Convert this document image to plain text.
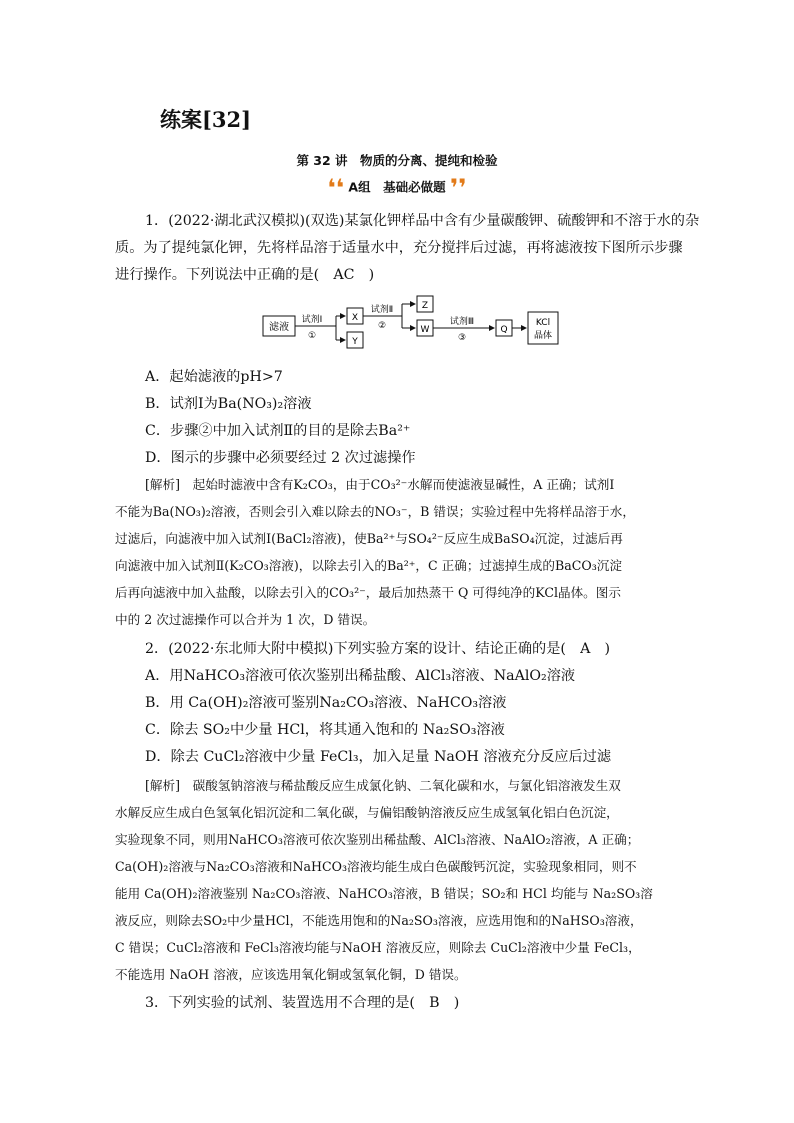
练案[32]
第 32 讲　物质的分离、提纯和检验
❛❛ A组　基础必做题 ❜❜
1．(2022·湖北武汉模拟)(双选)某氯化钾样品中含有少量碳酸钾、硫酸钾和不溶于水的杂
质。为了提纯氯化钾，先将样品溶于适量水中，充分搅拌后过滤，再将滤液按下图所示步骤
进行操作。下列说法中正确的是(　AC　)
滤液
试剂Ⅰ
①
X
Y
试剂Ⅱ
②
Z
W
试剂Ⅲ
③
Q
KCl
晶体
A．起始滤液的pH>7
B．试剂Ⅰ为Ba(NO₃)₂溶液
C．步骤②中加入试剂Ⅱ的目的是除去Ba²⁺
D．图示的步骤中必须要经过 2 次过滤操作
[解析]　起始时滤液中含有K₂CO₃，由于CO₃²⁻水解而使滤液显碱性，A 正确；试剂Ⅰ
不能为Ba(NO₃)₂溶液，否则会引入难以除去的NO₃⁻，B 错误；实验过程中先将样品溶于水，
过滤后，向滤液中加入试剂Ⅰ(BaCl₂溶液)，使Ba²⁺与SO₄²⁻反应生成BaSO₄沉淀，过滤后再
向滤液中加入试剂Ⅱ(K₂CO₃溶液)，以除去引入的Ba²⁺，C 正确；过滤掉生成的BaCO₃沉淀
后再向滤液中加入盐酸，以除去引入的CO₃²⁻，最后加热蒸干 Q 可得纯净的KCl晶体。图示
中的 2 次过滤操作可以合并为 1 次，D 错误。
2．(2022·东北师大附中模拟)下列实验方案的设计、结论正确的是(　A　)
A．用NaHCO₃溶液可依次鉴别出稀盐酸、AlCl₃溶液、NaAlO₂溶液
B．用 Ca(OH)₂溶液可鉴别Na₂CO₃溶液、NaHCO₃溶液
C．除去 SO₂中少量 HCl，将其通入饱和的 Na₂SO₃溶液
D．除去 CuCl₂溶液中少量 FeCl₃，加入足量 NaOH 溶液充分反应后过滤
[解析]　碳酸氢钠溶液与稀盐酸反应生成氯化钠、二氧化碳和水，与氯化铝溶液发生双
水解反应生成白色氢氧化铝沉淀和二氧化碳，与偏铝酸钠溶液反应生成氢氧化铝白色沉淀，
实验现象不同，则用NaHCO₃溶液可依次鉴别出稀盐酸、AlCl₃溶液、NaAlO₂溶液，A 正确；
Ca(OH)₂溶液与Na₂CO₃溶液和NaHCO₃溶液均能生成白色碳酸钙沉淀，实验现象相同，则不
能用 Ca(OH)₂溶液鉴别 Na₂CO₃溶液、NaHCO₃溶液，B 错误；SO₂和 HCl 均能与 Na₂SO₃溶
液反应，则除去SO₂中少量HCl，不能选用饱和的Na₂SO₃溶液，应选用饱和的NaHSO₃溶液，
C 错误；CuCl₂溶液和 FeCl₃溶液均能与NaOH 溶液反应，则除去 CuCl₂溶液中少量 FeCl₃，
不能选用 NaOH 溶液，应该选用氧化铜或氢氧化铜，D 错误。
3．下列实验的试剂、装置选用不合理的是(　B　)
